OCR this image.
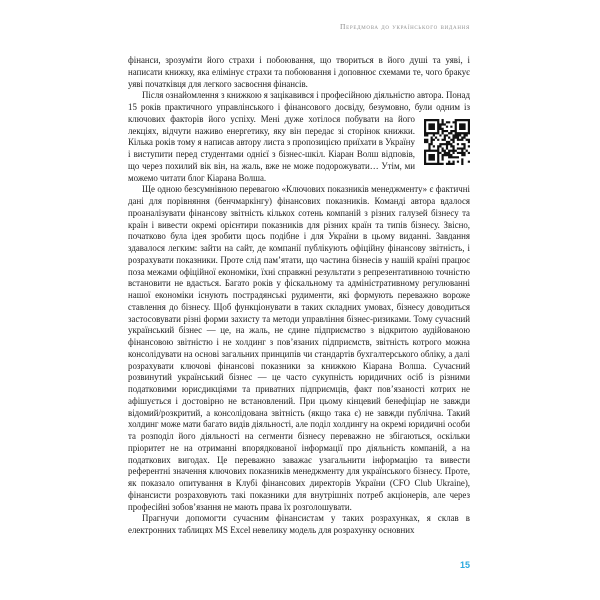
Передмова до українського видання

фінанси, зрозуміти його страхи і побоювання, що твориться в його душі та уяві, і написати книжку, яка елімінує страхи та побоювання і доповнює схемами те, чого бракує уяві початківця для легкого засвоєння фінансів.

Після ознайомлення з книжкою я зацікавився і професійною діяльністю автора. Понад 15 років практичного управлінського і фінансового досвіду, безумовно, були одним із ключових факторів його успіху. Мені дуже хотілося побувати на його лекціях, відчути наживо енергетику, яку він передає зі сторінок книжки. Кілька років тому я написав автору листа з пропозицією приїхати в Україну і виступити перед студентами однієї з бізнес-шкіл. Кіаран Волш відповів, що через похилий вік він, на жаль, вже не може подорожувати… Утім, ми можемо читати блог Кіарана Волша.

Ще одною безсумнівною перевагою «Ключових показників менеджменту» є фактичні дані для порівняння (бенчмаркінгу) фінансових показників. Команді автора вдалося проаналізувати фінансову звітність кількох сотень компаній з різних галузей бізнесу та країн і вивести окремі орієнтири показників для різних країн та типів бізнесу. Звісно, початково була ідея зробити щось подібне і для України в цьому виданні. Завдання здавалося легким: зайти на сайт, де компанії публікують офіційну фінансову звітність, і розрахувати показники. Проте слід пам’ятати, що частина бізнесів у нашій країні працює поза межами офіційної економіки, їхні справжні результати з репрезентативною точністю встановити не вдасться. Багато років у фіскальному та адміністративному регулюванні нашої економіки існують пострадянські рудименти, які формують переважно вороже ставлення до бізнесу. Щоб функціонувати в таких складних умовах, бізнесу доводиться застосовувати різні форми захисту та методи управління бізнес-ризиками. Тому сучасний український бізнес — це, на жаль, не єдине підприємство з відкритою аудійованою фінансовою звітністю і не холдинг з пов’язаних підприємств, звітність котрого можна консолідувати на основі загальних принципів чи стандартів бухгалтерського обліку, а далі розрахувати ключові фінансові показники за книжкою Кіарана Волша. Сучасний розвинутий український бізнес — це часто сукупність юридичних осіб із різними податковими юрисдикціями та приватних підприємців, факт пов’язаності котрих не афішується і достовірно не встановлений. При цьому кінцевий бенефіціар не завжди відомий/розкритий, а консолідована звітність (якщо така є) не завжди публічна. Такий холдинг може мати багато видів діяльності, але поділ холдингу на окремі юридичні особи та розподіл його діяльності на сегменти бізнесу переважно не збігаються, оскільки пріоритет не на отриманні впорядкованої інформації про діяльність компаній, а на податкових вигодах. Це переважно заважає узагальнити інформацію та вивести референтні значення ключових показників менеджменту для українського бізнесу. Проте, як показало опитування в Клубі фінансових директорів України (CFO Club Ukraine), фінансисти розраховують такі показники для внутрішніх потреб акціонерів, але через професійні зобов’язання не мають права їх розголошувати.

Прагнучи допомогти сучасним фінансистам у таких розрахунках, я склав в електронних таблицях MS Excel невелику модель для розрахунку основних

15
